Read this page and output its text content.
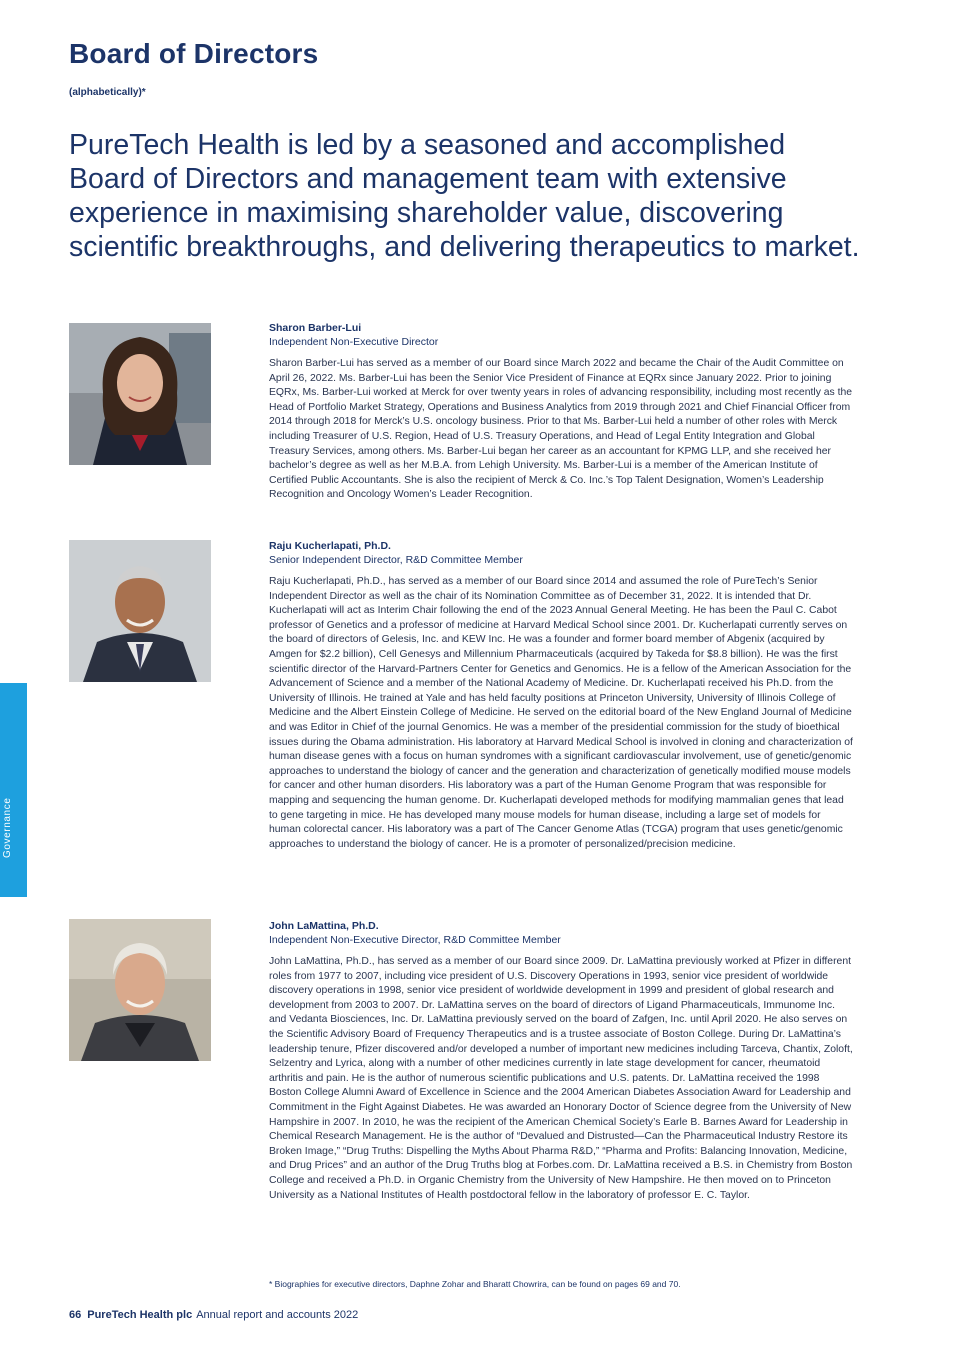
Board of Directors
(alphabetically)*

PureTech Health is led by a seasoned and accomplished Board of Directors and management team with extensive experience in maximising shareholder value, discovering scientific breakthroughs, and delivering therapeutics to market.

Sharon Barber-Lui
Independent Non-Executive Director

Sharon Barber-Lui has served as a member of our Board since March 2022 and became the Chair of the Audit Committee on April 26, 2022. Ms. Barber-Lui has been the Senior Vice President of Finance at EQRx since January 2022. Prior to joining EQRx, Ms. Barber-Lui worked at Merck for over twenty years in roles of advancing responsibility, including most recently as the Head of Portfolio Market Strategy, Operations and Business Analytics from 2019 through 2021 and Chief Financial Officer from 2014 through 2018 for Merck’s U.S. oncology business. Prior to that Ms. Barber-Lui held a number of other roles with Merck including Treasurer of U.S. Region, Head of U.S. Treasury Operations, and Head of Legal Entity Integration and Global Treasury Services, among others. Ms. Barber-Lui began her career as an accountant for KPMG LLP, and she received her bachelor’s degree as well as her M.B.A. from Lehigh University. Ms. Barber-Lui is a member of the American Institute of Certified Public Accountants. She is also the recipient of Merck & Co. Inc.’s Top Talent Designation, Women’s Leadership Recognition and Oncology Women’s Leader Recognition.

Raju Kucherlapati, Ph.D.
Senior Independent Director, R&D Committee Member

Raju Kucherlapati, Ph.D., has served as a member of our Board since 2014 and assumed the role of PureTech’s Senior Independent Director as well as the chair of its Nomination Committee as of December 31, 2022. It is intended that Dr. Kucherlapati will act as Interim Chair following the end of the 2023 Annual General Meeting. He has been the Paul C. Cabot professor of Genetics and a professor of medicine at Harvard Medical School since 2001. Dr. Kucherlapati currently serves on the board of directors of Gelesis, Inc. and KEW Inc. He was a founder and former board member of Abgenix (acquired by Amgen for $2.2 billion), Cell Genesys and Millennium Pharmaceuticals (acquired by Takeda for $8.8 billion). He was the first scientific director of the Harvard-Partners Center for Genetics and Genomics. He is a fellow of the American Association for the Advancement of Science and a member of the National Academy of Medicine. Dr. Kucherlapati received his Ph.D. from the University of Illinois. He trained at Yale and has held faculty positions at Princeton University, University of Illinois College of Medicine and the Albert Einstein College of Medicine. He served on the editorial board of the New England Journal of Medicine and was Editor in Chief of the journal Genomics. He was a member of the presidential commission for the study of bioethical issues during the Obama administration. His laboratory at Harvard Medical School is involved in cloning and characterization of human disease genes with a focus on human syndromes with a significant cardiovascular involvement, use of genetic/genomic approaches to understand the biology of cancer and the generation and characterization of genetically modified mouse models for cancer and other human disorders. His laboratory was a part of the Human Genome Program that was responsible for mapping and sequencing the human genome. Dr. Kucherlapati developed methods for modifying mammalian genes that lead to gene targeting in mice. He has developed many mouse models for human disease, including a large set of models for human colorectal cancer. His laboratory was a part of The Cancer Genome Atlas (TCGA) program that uses genetic/genomic approaches to understand the biology of cancer. He is a promoter of personalized/precision medicine.

John LaMattina, Ph.D.
Independent Non-Executive Director, R&D Committee Member

John LaMattina, Ph.D., has served as a member of our Board since 2009. Dr. LaMattina previously worked at Pfizer in different roles from 1977 to 2007, including vice president of U.S. Discovery Operations in 1993, senior vice president of worldwide discovery operations in 1998, senior vice president of worldwide development in 1999 and president of global research and development from 2003 to 2007. Dr. LaMattina serves on the board of directors of Ligand Pharmaceuticals, Immunome Inc. and Vedanta Biosciences, Inc. Dr. LaMattina previously served on the board of Zafgen, Inc. until April 2020. He also serves on the Scientific Advisory Board of Frequency Therapeutics and is a trustee associate of Boston College. During Dr. LaMattina’s leadership tenure, Pfizer discovered and/or developed a number of important new medicines including Tarceva, Chantix, Zoloft, Selzentry and Lyrica, along with a number of other medicines currently in late stage development for cancer, rheumatoid arthritis and pain. He is the author of numerous scientific publications and U.S. patents. Dr. LaMattina received the 1998 Boston College Alumni Award of Excellence in Science and the 2004 American Diabetes Association Award for Leadership and Commitment in the Fight Against Diabetes. He was awarded an Honorary Doctor of Science degree from the University of New Hampshire in 2007. In 2010, he was the recipient of the American Chemical Society’s Earle B. Barnes Award for Leadership in Chemical Research Management. He is the author of “Devalued and Distrusted—Can the Pharmaceutical Industry Restore its Broken Image,” “Drug Truths: Dispelling the Myths About Pharma R&D,” “Pharma and Profits: Balancing Innovation, Medicine, and Drug Prices” and an author of the Drug Truths blog at Forbes.com. Dr. LaMattina received a B.S. in Chemistry from Boston College and received a Ph.D. in Organic Chemistry from the University of New Hampshire. He then moved on to Princeton University as a National Institutes of Health postdoctoral fellow in the laboratory of professor E. C. Taylor.

Governance
* Biographies for executive directors, Daphne Zohar and Bharatt Chowrira, can be found on pages 69 and 70.
66 PureTech Health plc Annual report and accounts 2022
